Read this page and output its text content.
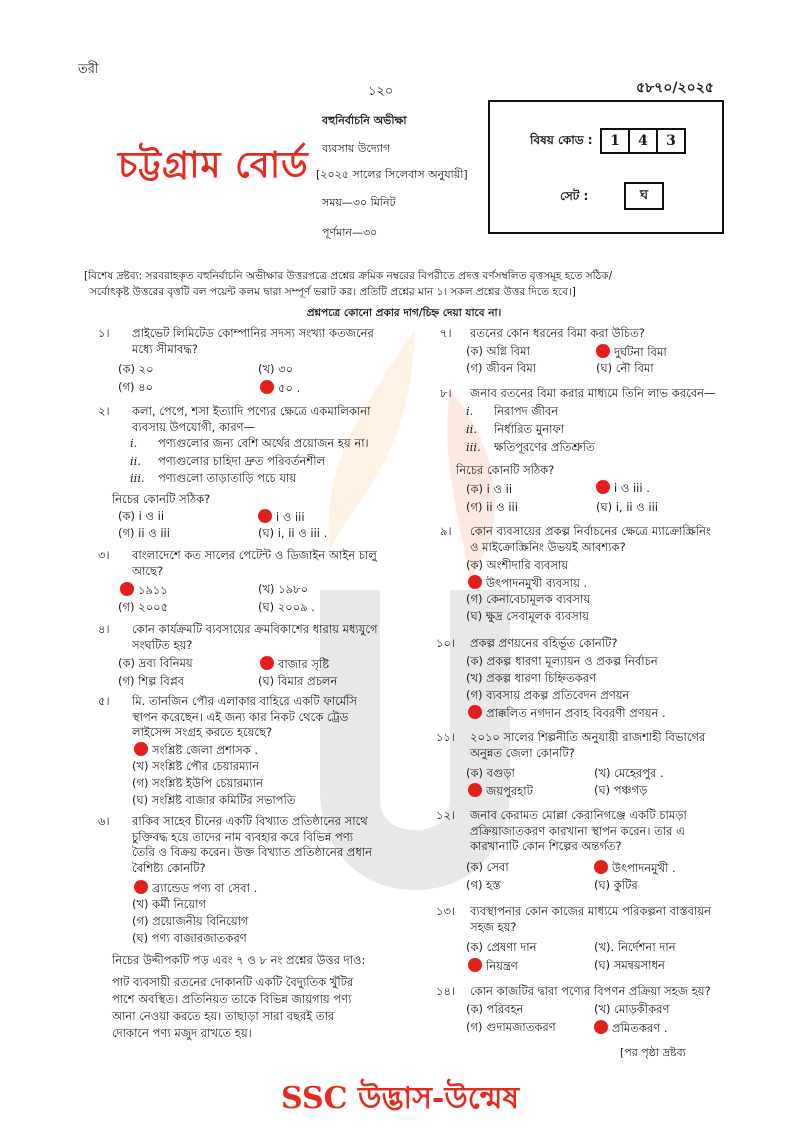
তরী
১২০	৫৮৭০/২০২৫
চট্টগ্রাম বোর্ড
বহুনির্বাচনি অভীক্ষা
ব্যবসায় উদ্যোগ
[২০২৫ সালের সিলেবাস অনুযায়ী]
সময়—৩০ মিনিট
পূর্ণমান—৩০
বিষয় কোড :	1 4 3
সেট :	ঘ
[বিশেষ দ্রষ্টব্য: সরবরাহকৃত বহুনির্বাচনি অভীক্ষার উত্তরপত্রে প্রশ্নের ক্রমিক নম্বরের বিপরীতে প্রদত্ত বর্ণসম্বলিত বৃত্তসমূহ হতে সঠিক/
সর্বোৎকৃষ্ট উত্তরের বৃত্তটি বল পয়েন্ট কলম দ্বারা সম্পূর্ণ ভরাট কর। প্রতিটি প্রশ্নের মান ১। সকল প্রশ্নের উত্তর দিতে হবে।]
প্রশ্নপত্রে কোনো প্রকার দাগ/চিহ্ন দেয়া যাবে না।
১।	প্রাইভেট লিমিটেড কোম্পানির সদস্য সংখ্যা কতজনের
মধ্যে সীমাবদ্ধ?
(ক) ২০	(খ) ৩০
(গ) ৪০	৫০ .
২।	কলা, পেপে, শসা ইত্যাদি পণ্যের ক্ষেত্রে একমালিকানা
ব্যবসায় উপযোগী, কারণ—
i. পণ্যগুলোর জন্য বেশি অর্থের প্রয়োজন হয় না।
ii. পণ্যগুলোর চাহিদা দ্রুত পরিবর্তনশীল
iii. পণ্যগুলো তাড়াতাড়ি পচে যায়
নিচের কোনটি সঠিক?
(ক) i ও ii	i ও iii
(গ) ii ও iii	(ঘ) i, ii ও iii .
৩।	বাংলাদেশে কত সালের পেটেন্ট ও ডিজাইন আইন চালু
আছে?
১৯১১	(খ) ১৯৮০
(গ) ২০০৫	(ঘ) ২০০৯ .
৪।	কোন কার্যক্রমটি ব্যবসায়ের ক্রমবিকাশের ধারায় মধ্যযুগে
সংঘটিত হয়?
(ক) দ্রব্য বিনিময়	বাজার সৃষ্টি
(গ) শিল্প বিপ্লব	(ঘ) বিমার প্রচলন
৫।	মি. তানজিন পৌর এলাকার বাহিরে একটি ফার্মেসি
স্থাপন করেছেন। এই জন্য কার নিকট থেকে ট্রেড
লাইসেন্স সংগ্রহ করতে হয়েছে?
সংশ্লিষ্ট জেলা প্রশাসক .
(খ) সংশ্লিষ্ট পৌর চেয়ারম্যান
(গ) সংশ্লিষ্ট ইউপি চেয়ারম্যান
(ঘ) সংশ্লিষ্ট বাজার কমিটির সভাপতি
৬।	রাকিব সাহেব চীনের একটি বিখ্যাত প্রতিষ্ঠানের সাথে
চুক্তিবদ্ধ হয়ে তাদের নাম ব্যবহার করে বিভিন্ন পণ্য
তৈরি ও বিক্রয় করেন। উক্ত বিখ্যাত প্রতিষ্ঠানের প্রধান
বৈশিষ্ট্য কোনটি?
ব্র্যান্ডেড পণ্য বা সেবা .
(খ) কর্মী নিয়োগ
(গ) প্রয়োজনীয় বিনিয়োগ
(ঘ) পণ্য বাজারজাতকরণ
নিচের উদ্দীপকটি পড় এবং ৭ ও ৮ নং প্রশ্নের উত্তর দাও:
পাট ব্যবসায়ী রতনের দোকানটি একটি বৈদ্যুতিক খুঁটির
পাশে অবস্থিত। প্রতিনিয়ত তাকে বিভিন্ন জায়গায় পণ্য
আনা নেওয়া করতে হয়। তাছাড়া সারা বছরই তার
দোকানে পণ্য মজুদ রাখতে হয়।
৭।	রতনের কোন ধরনের বিমা করা উচিত?
(ক) অগ্নি বিমা	দুর্ঘটনা বিমা
(গ) জীবন বিমা	(ঘ) নৌ বিমা
৮।	জনাব রতনের বিমা করার মাধ্যমে তিনি লাভ করবেন—
i. নিরাপদ জীবন
ii. নির্ধারিত মুনাফা
iii. ক্ষতিপূরণের প্রতিশ্রুতি
নিচের কোনটি সঠিক?
(ক) i ও ii	i ও iii .
(গ) ii ও iii	(ঘ) i, ii ও iii
৯।	কোন ব্যবসায়ের প্রকল্প নির্বাচনের ক্ষেত্রে ম্যাক্রোস্ক্রিনিং
ও মাইক্রোস্ক্রিনিং উভয়ই আবশ্যক?
(ক) অংশীদারি ব্যবসায়
উৎপাদনমুখী ব্যবসায় .
(গ) কেনাবেচামূলক ব্যবসায়
(ঘ) ক্ষুদ্র সেবামূলক ব্যবসায়
১০। প্রকল্প প্রণয়নের বহির্ভূত কোনটি?
(ক) প্রকল্প ধারণা মূল্যায়ন ও প্রকল্প নির্বাচন
(খ) প্রকল্প ধারণা চিহ্নিতকরণ
(গ) ব্যবসায় প্রকল্প প্রতিবেদন প্রণয়ন
প্রাক্কলিত নগদান প্রবাহ বিবরণী প্রণয়ন .
১১। ২০১০ সালের শিল্পনীতি অনুযায়ী রাজশাহী বিভাগের
অনুন্নত জেলা কোনটি?
(ক) বগুড়া	(খ) মেহেরপুর .
জয়পুরহাট	(ঘ) পঞ্চগড়
১২। জনাব কেরামত মোল্লা কেরানিগঞ্জে একটি চামড়া
প্রক্রিয়াজাতকরণ কারখানা স্থাপন করেন। তার এ
কারখানাটি কোন শিল্পের অন্তর্গত?
(ক) সেবা	উৎপাদনমুখী .
(গ) হস্ত	(ঘ) কুটির
১৩। ব্যবস্থাপনার কোন কাজের মাধ্যমে পরিকল্পনা বাস্তবায়ন
সহজ হয়?
(ক) প্রেষণা দান	(খ). নির্দেশনা দান
নিয়ন্ত্রণ	(ঘ) সমন্বয়সাধন
১৪। কোন কাজটির দ্বারা পণ্যের বিপণন প্রক্রিয়া সহজ হয়?
(ক) পরিবহন	(খ) মোড়কীকরণ
(গ) গুদামজাতকরণ	প্রমিতকরণ .
[পর পৃষ্ঠা দ্রষ্টব্য
SSC উদ্ভাস-উন্মেষ
